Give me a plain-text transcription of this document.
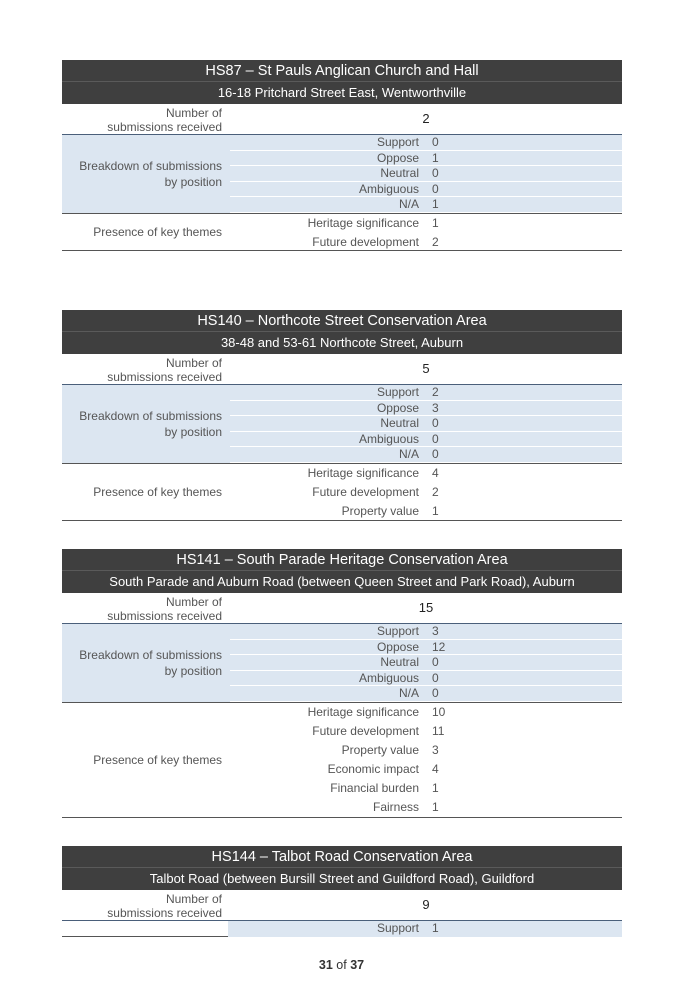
HS87 – St Pauls Anglican Church and Hall
16-18 Pritchard Street East, Wentworthville
Number of
submissions received
2
Breakdown of submissions
by position
Support 0
Oppose 1
Neutral 0
Ambiguous 0
N/A 1
Presence of key themes
Heritage significance 1
Future development 2
HS140 – Northcote Street Conservation Area
38-48 and 53-61 Northcote Street, Auburn
Number of
submissions received
5
Breakdown of submissions
by position
Support 2
Oppose 3
Neutral 0
Ambiguous 0
N/A 0
Presence of key themes
Heritage significance 4
Future development 2
Property value 1
HS141 – South Parade Heritage Conservation Area
South Parade and Auburn Road (between Queen Street and Park Road), Auburn
Number of
submissions received
15
Breakdown of submissions
by position
Support 3
Oppose 12
Neutral 0
Ambiguous 0
N/A 0
Presence of key themes
Heritage significance 10
Future development 11
Property value 3
Economic impact 4
Financial burden 1
Fairness 1
HS144 – Talbot Road Conservation Area
Talbot Road (between Bursill Street and Guildford Road), Guildford
Number of
submissions received
9
Support 1
31 of 37
